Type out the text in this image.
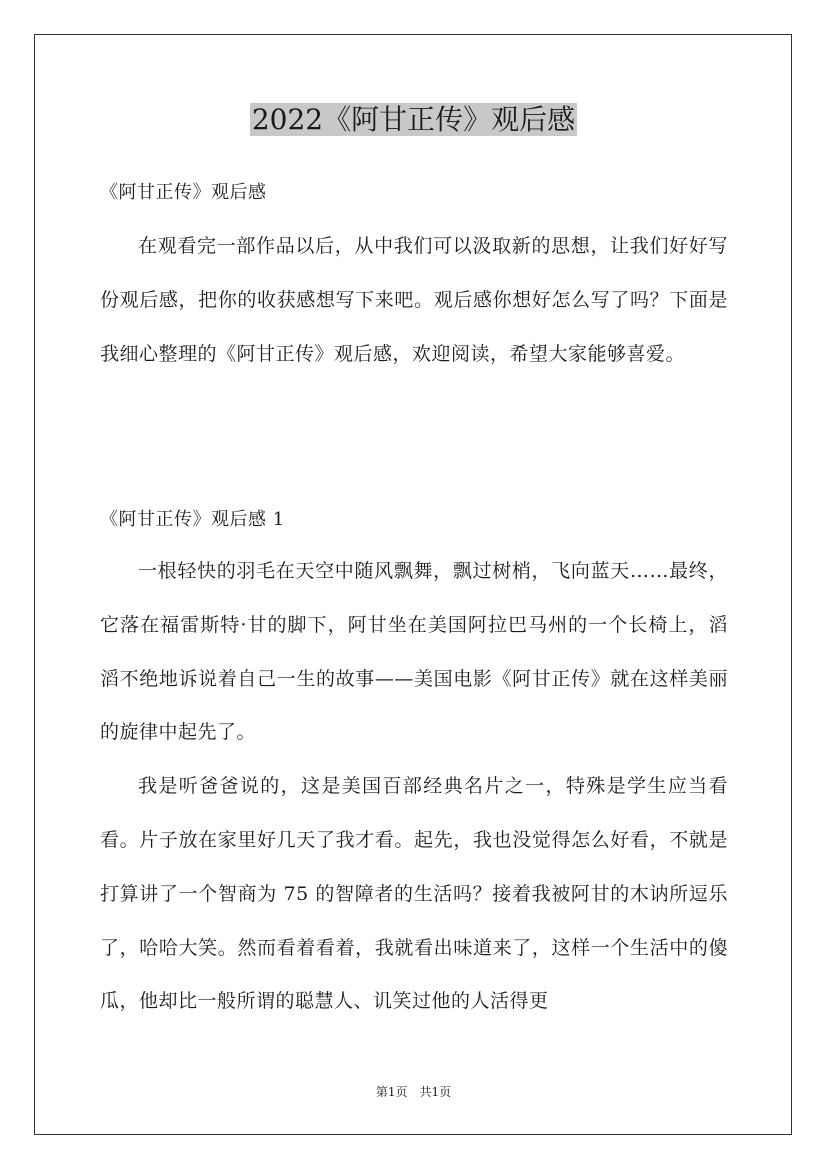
2022《阿甘正传》观后感
《阿甘正传》观后感

在观看完一部作品以后，从中我们可以汲取新的思想，让我们好好写份观后感，把你的收获感想写下来吧。观后感你想好怎么写了吗？下面是我细心整理的《阿甘正传》观后感，欢迎阅读，希望大家能够喜爱。

《阿甘正传》观后感 1

一根轻快的羽毛在天空中随风飘舞，飘过树梢，飞向蓝天……最终，它落在福雷斯特·甘的脚下，阿甘坐在美国阿拉巴马州的一个长椅上，滔滔不绝地诉说着自己一生的故事——美国电影《阿甘正传》就在这样美丽的旋律中起先了。

我是听爸爸说的，这是美国百部经典名片之一，特殊是学生应当看看。片子放在家里好几天了我才看。起先，我也没觉得怎么好看，不就是打算讲了一个智商为 75 的智障者的生活吗？接着我被阿甘的木讷所逗乐了，哈哈大笑。然而看着看着，我就看出味道来了，这样一个生活中的傻瓜，他却比一般所谓的聪慧人、讥笑过他的人活得更

第1页　共1页
